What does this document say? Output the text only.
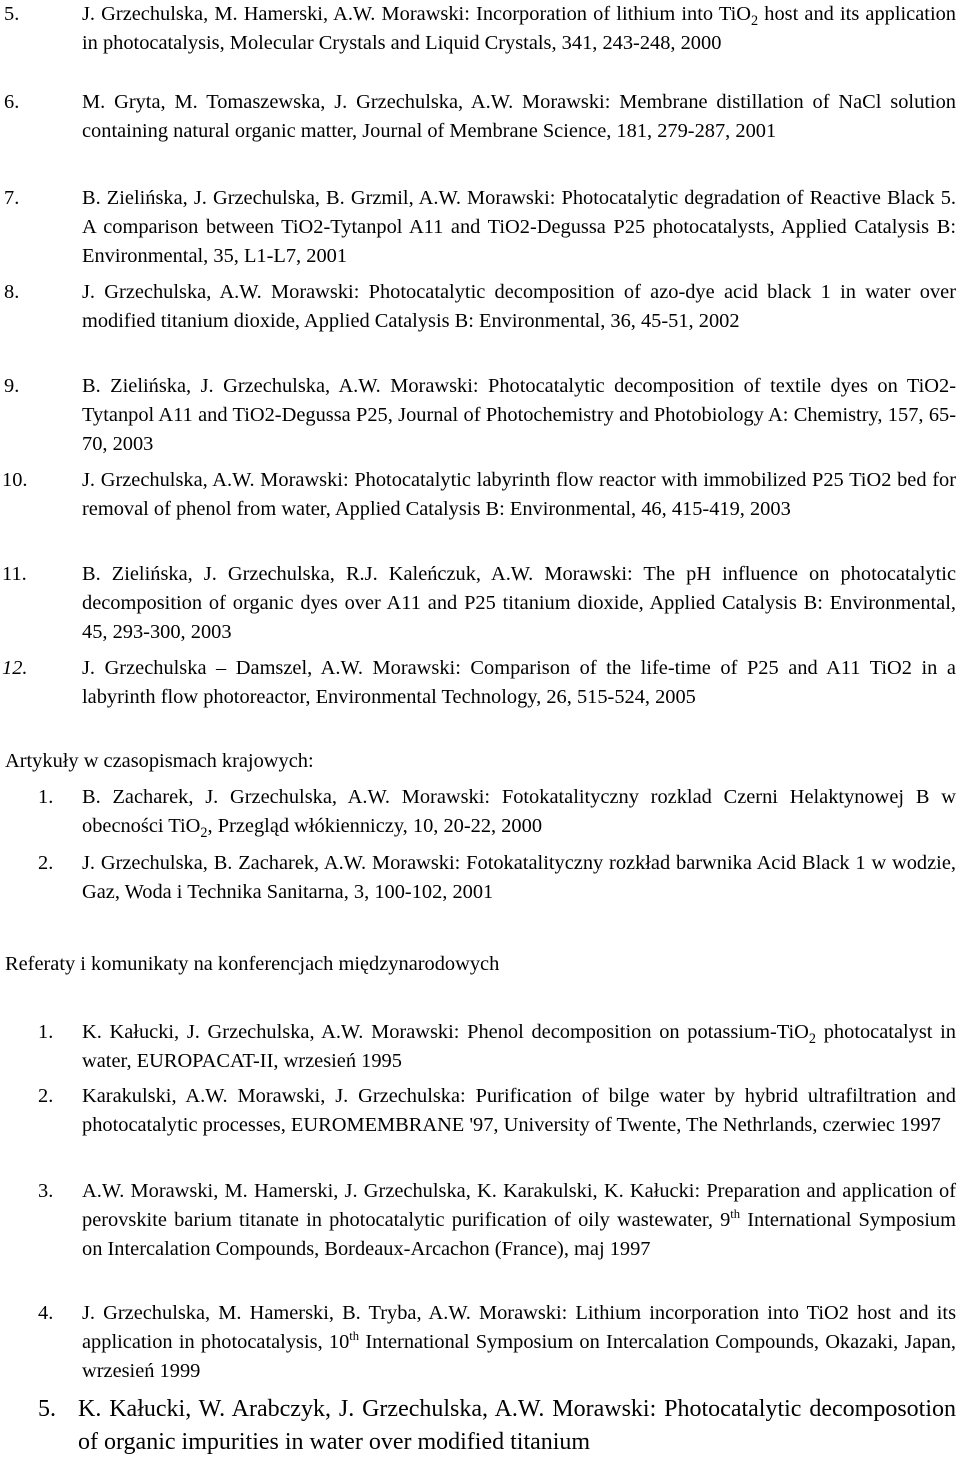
5.	J. Grzechulska, M. Hamerski, A.W. Morawski: Incorporation of lithium into TiO$_2$ host and its application in photocatalysis, Molecular Crystals and Liquid Crystals, 341, 243-248, 2000
6.	M. Gryta, M. Tomaszewska, J. Grzechulska, A.W. Morawski: Membrane distillation of NaCl solution containing natural organic matter, Journal of Membrane Science, 181, 279-287, 2001
7.	B. Zielińska, J. Grzechulska, B. Grzmil, A.W. Morawski: Photocatalytic degradation of Reactive Black 5. A comparison between TiO2-Tytanpol A11 and TiO2-Degussa P25 photocatalysts, Applied Catalysis B: Environmental, 35, L1-L7, 2001
8.	J. Grzechulska, A.W. Morawski: Photocatalytic decomposition of azo-dye acid black 1 in water over modified titanium dioxide, Applied Catalysis B: Environmental, 36, 45-51, 2002
9.	B. Zielińska, J. Grzechulska, A.W. Morawski: Photocatalytic decomposition of textile dyes on TiO2-Tytanpol A11 and TiO2-Degussa P25, Journal of Photochemistry and Photobiology A: Chemistry, 157, 65-70, 2003
10.	J. Grzechulska, A.W. Morawski: Photocatalytic labyrinth flow reactor with immobilized P25 TiO2 bed for removal of phenol from water, Applied Catalysis B: Environmental, 46, 415-419, 2003
11.	B. Zielińska, J. Grzechulska, R.J. Kaleńczuk, A.W. Morawski: The pH influence on photocatalytic decomposition of organic dyes over A11 and P25 titanium dioxide, Applied Catalysis B: Environmental, 45, 293-300, 2003
12.	J. Grzechulska – Damszel, A.W. Morawski: Comparison of the life-time of P25 and A11 TiO2 in a labyrinth flow photoreactor, Environmental Technology, 26, 515-524, 2005
Artykuły w czasopismach krajowych:
1. B. Zacharek, J. Grzechulska, A.W. Morawski: Fotokatalityczny rozklad Czerni Helaktynowej B w obecności TiO$_2$, Przegląd włókienniczy, 10, 20-22, 2000
2. J. Grzechulska, B. Zacharek, A.W. Morawski: Fotokatalityczny rozkład barwnika Acid Black 1 w wodzie, Gaz, Woda i Technika Sanitarna, 3, 100-102, 2001
Referaty i komunikaty na konferencjach międzynarodowych
1. K. Kałucki, J. Grzechulska, A.W. Morawski: Phenol decomposition on potassium-TiO$_2$ photocatalyst in water, EUROPACAT-II, wrzesień 1995
2. Karakulski, A.W. Morawski, J. Grzechulska: Purification of bilge water by hybrid ultrafiltration and photocatalytic processes, EUROMEMBRANE '97, University of Twente, The Nethrlands, czerwiec 1997
3. A.W. Morawski, M. Hamerski, J. Grzechulska, K. Karakulski, K. Kałucki: Preparation and application of perovskite barium titanate in photocatalytic purification of oily wastewater, 9th International Symposium on Intercalation Compounds, Bordeaux-Arcachon (France), maj 1997
4. J. Grzechulska, M. Hamerski, B. Tryba, A.W. Morawski: Lithium incorporation into TiO2 host and its application in photocatalysis, 10th International Symposium on Intercalation Compounds, Okazaki, Japan, wrzesień 1999
5. K. Kałucki, W. Arabczyk, J. Grzechulska, A.W. Morawski: Photocatalytic decomposotion of organic impurities in water over modified titanium
